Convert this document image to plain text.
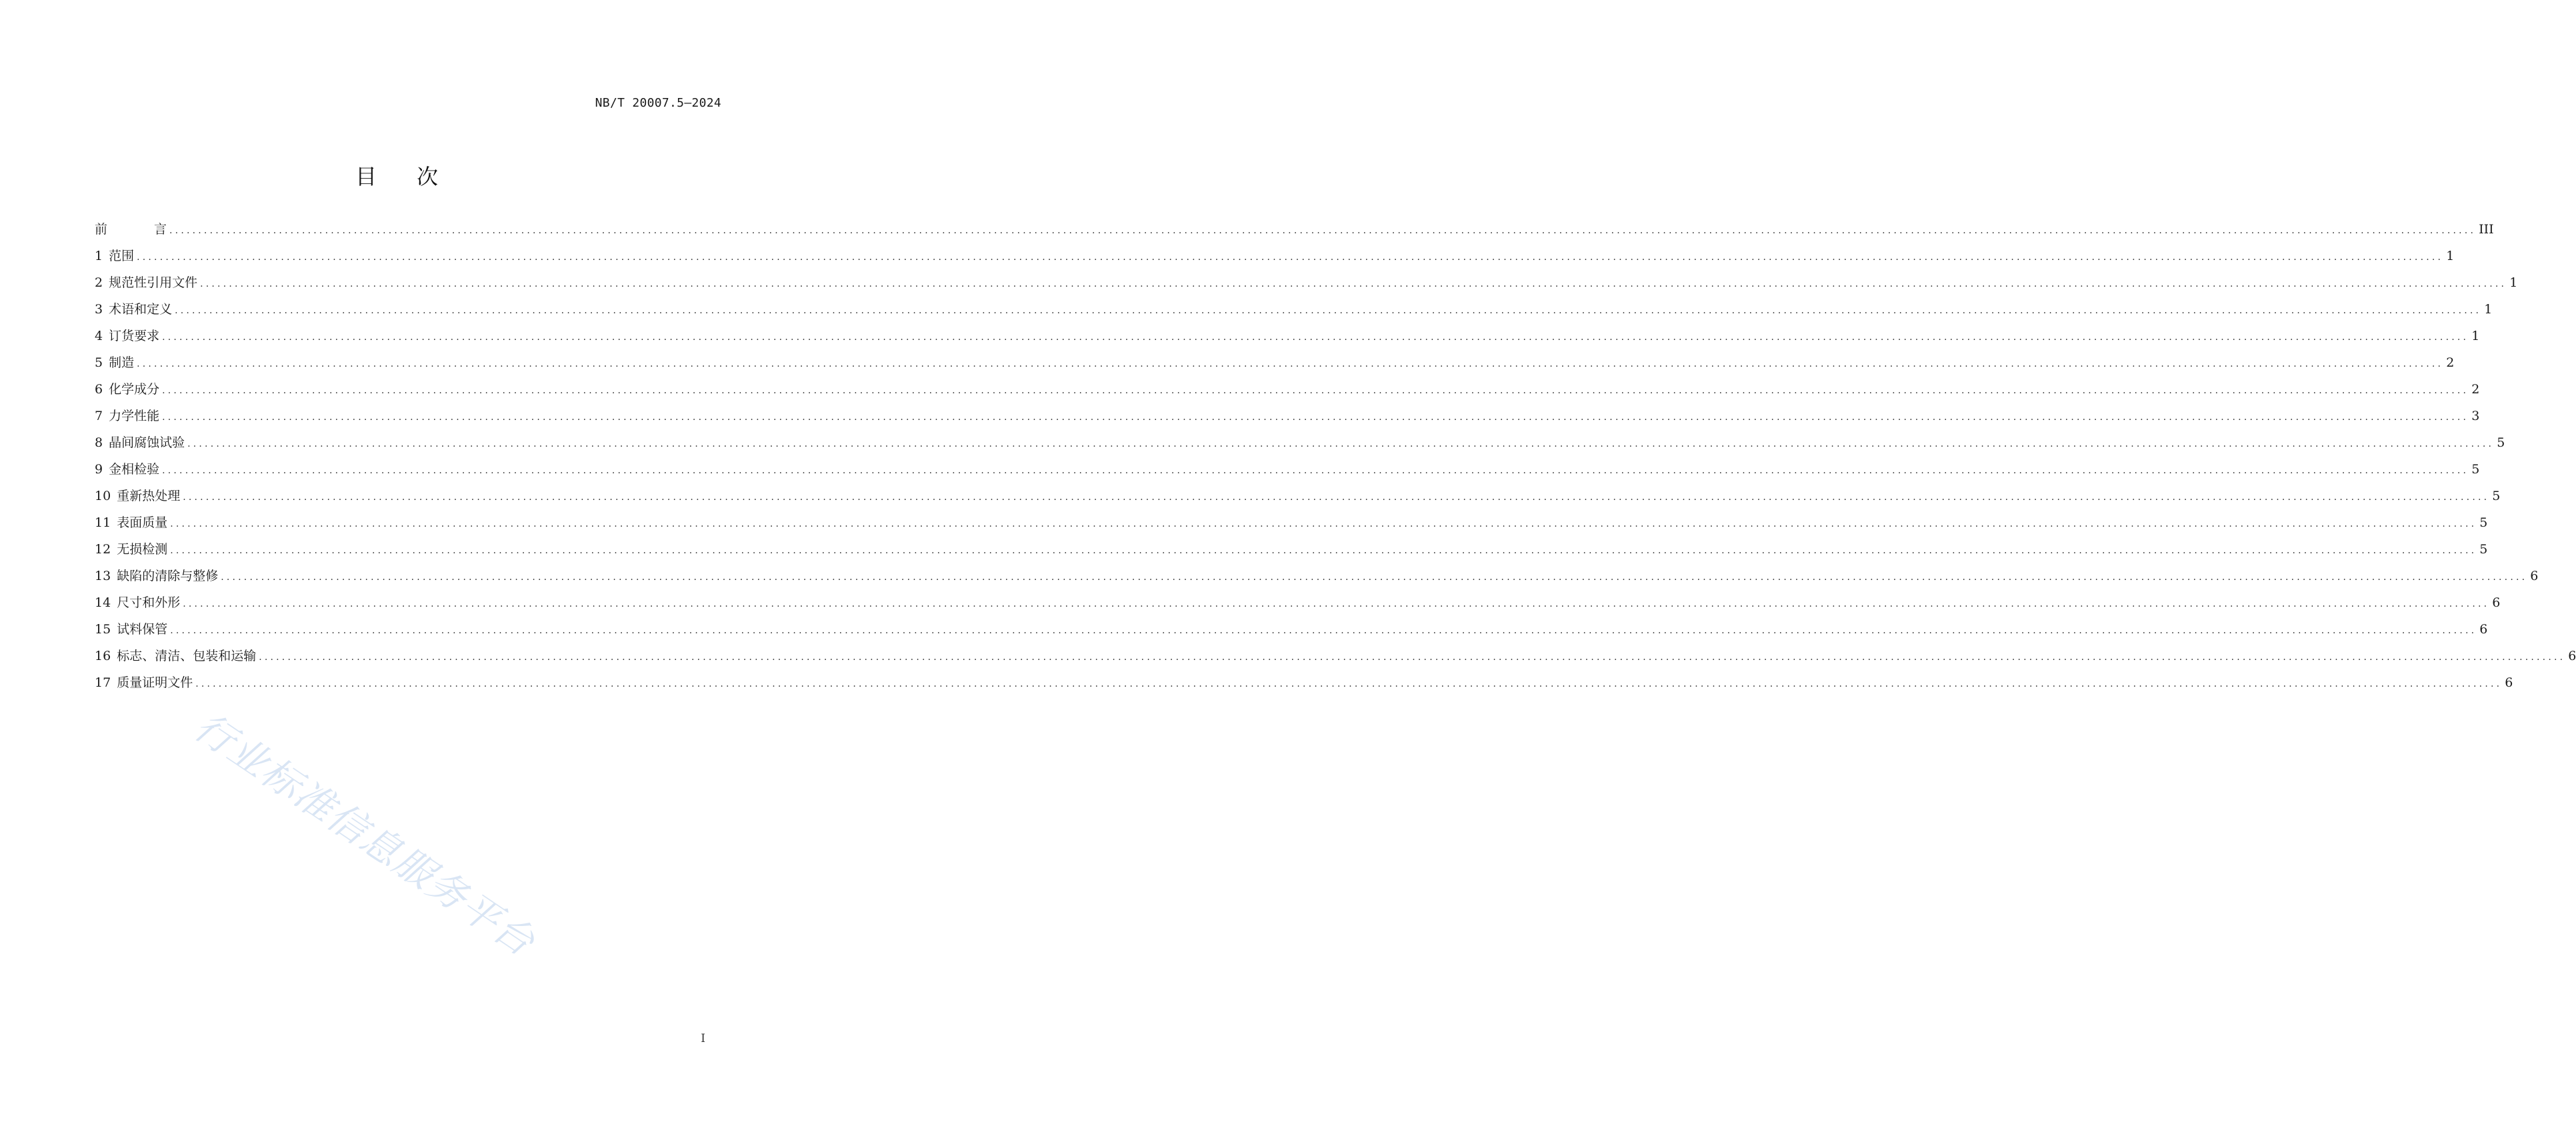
NB/T 20007.5—2024
目次
前言 ................................................................................................................................................................................................................................................................................................................................................................................................................ III
1 范围 ................................................................................................................................................................................................................................................................................................................................................................................................................ 1
2 规范性引用文件 ................................................................................................................................................................................................................................................................................................................................................................................................................ 1
3 术语和定义 ................................................................................................................................................................................................................................................................................................................................................................................................................ 1
4 订货要求 ................................................................................................................................................................................................................................................................................................................................................................................................................ 1
5 制造 ................................................................................................................................................................................................................................................................................................................................................................................................................ 2
6 化学成分 ................................................................................................................................................................................................................................................................................................................................................................................................................ 2
7 力学性能 ................................................................................................................................................................................................................................................................................................................................................................................................................ 3
8 晶间腐蚀试验 ................................................................................................................................................................................................................................................................................................................................................................................................................ 5
9 金相检验 ................................................................................................................................................................................................................................................................................................................................................................................................................ 5
10 重新热处理 ................................................................................................................................................................................................................................................................................................................................................................................................................ 5
11 表面质量 ................................................................................................................................................................................................................................................................................................................................................................................................................ 5
12 无损检测 ................................................................................................................................................................................................................................................................................................................................................................................................................ 5
13 缺陷的清除与整修 ................................................................................................................................................................................................................................................................................................................................................................................................................ 6
14 尺寸和外形 ................................................................................................................................................................................................................................................................................................................................................................................................................ 6
15 试料保管 ................................................................................................................................................................................................................................................................................................................................................................................................................ 6
16 标志、清洁、包装和运输 ................................................................................................................................................................................................................................................................................................................................................................................................................ 6
17 质量证明文件 ................................................................................................................................................................................................................................................................................................................................................................................................................ 6
I
行业标准信息服务平台
